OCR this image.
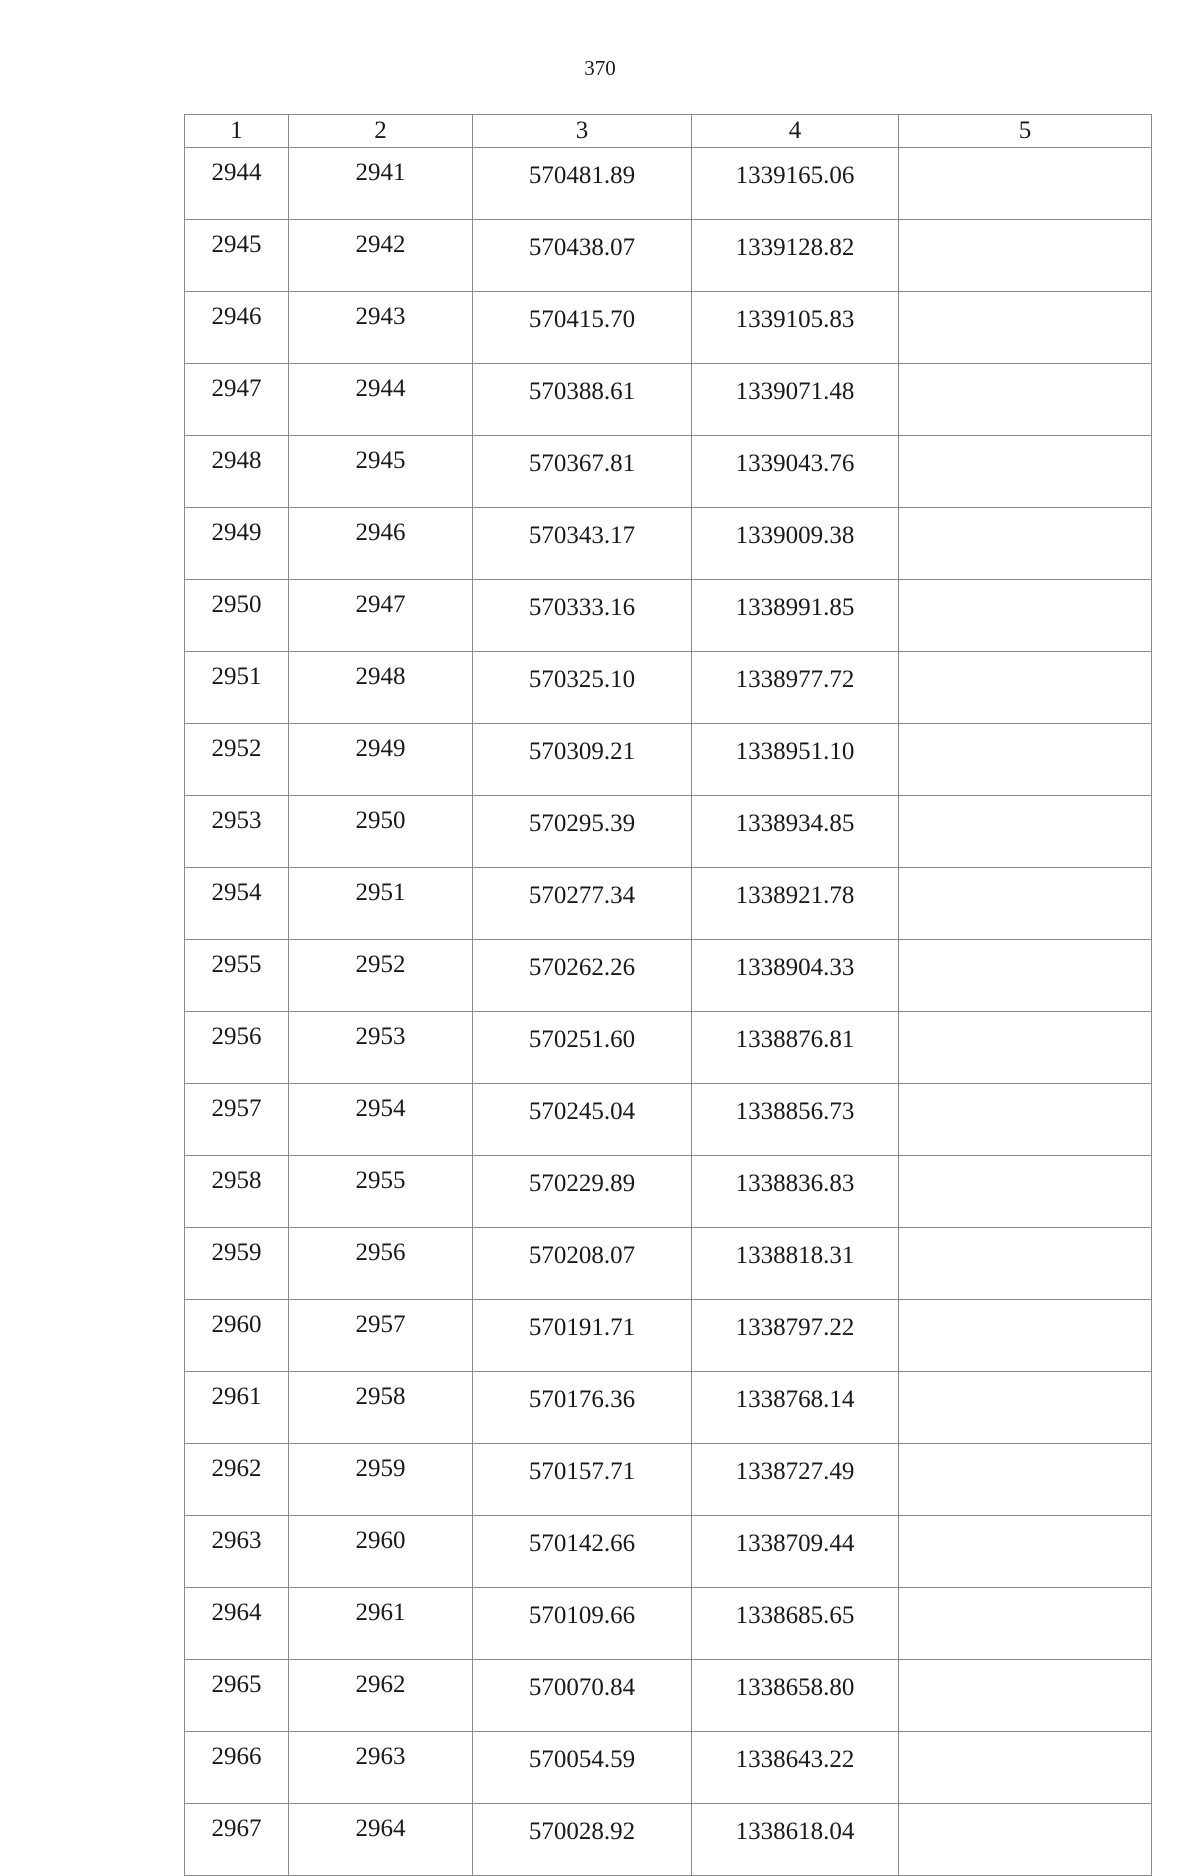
370
1	2	3	4	5
2944	2941	570481.89	1339165.06	
2945	2942	570438.07	1339128.82	
2946	2943	570415.70	1339105.83	
2947	2944	570388.61	1339071.48	
2948	2945	570367.81	1339043.76	
2949	2946	570343.17	1339009.38	
2950	2947	570333.16	1338991.85	
2951	2948	570325.10	1338977.72	
2952	2949	570309.21	1338951.10	
2953	2950	570295.39	1338934.85	
2954	2951	570277.34	1338921.78	
2955	2952	570262.26	1338904.33	
2956	2953	570251.60	1338876.81	
2957	2954	570245.04	1338856.73	
2958	2955	570229.89	1338836.83	
2959	2956	570208.07	1338818.31	
2960	2957	570191.71	1338797.22	
2961	2958	570176.36	1338768.14	
2962	2959	570157.71	1338727.49	
2963	2960	570142.66	1338709.44	
2964	2961	570109.66	1338685.65	
2965	2962	570070.84	1338658.80	
2966	2963	570054.59	1338643.22	
2967	2964	570028.92	1338618.04	
